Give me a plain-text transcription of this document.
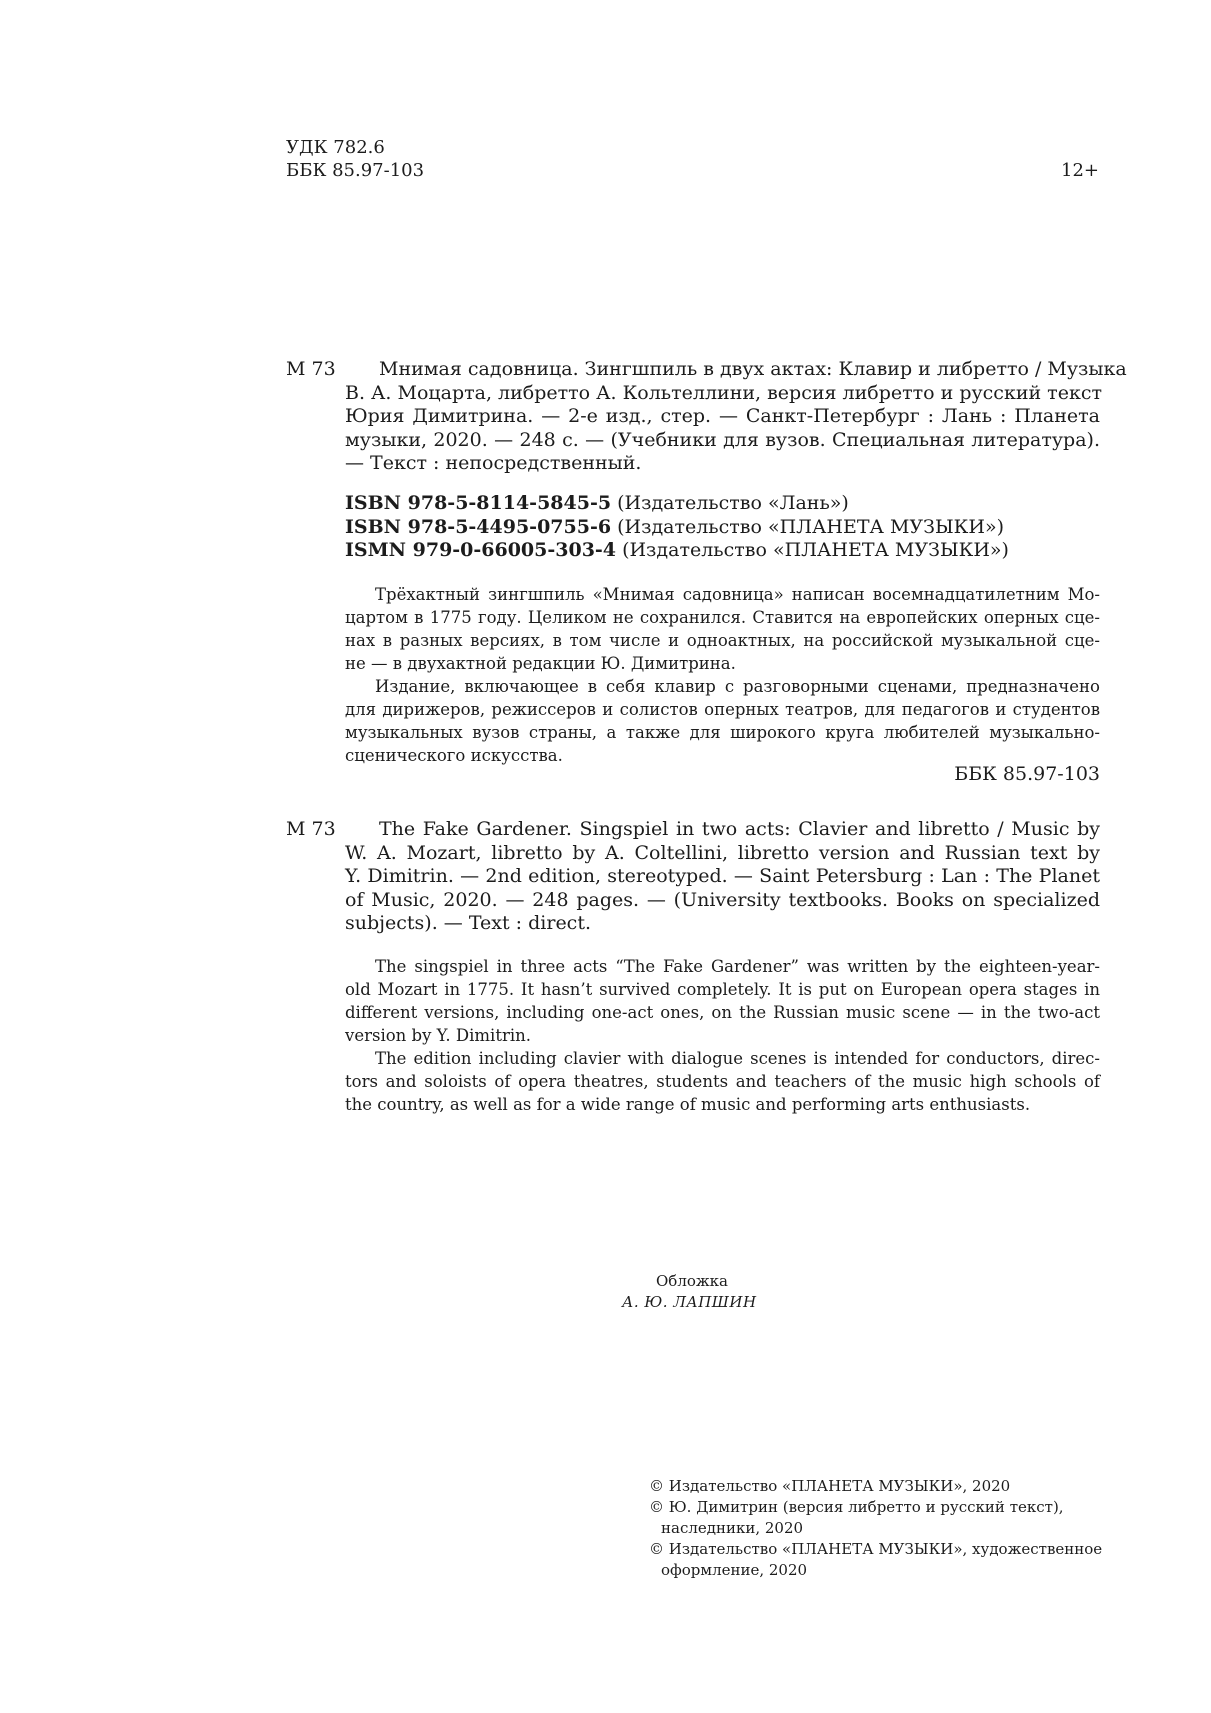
УДК 782.6
ББК 85.97-103	12+
М 73	Мнимая садовница. Зингшпиль в двух актах: Клавир и либретто / Музыка
В. А. Моцарта, либретто А. Кольтеллини, версия либретто и русский текст
Юрия Димитрина. — 2-е изд., стер. — Санкт-Петербург : Лань : Планета
музыки, 2020. — 248 с. — (Учебники для вузов. Специальная литература).
— Текст : непосредственный.
ISBN 978-5-8114-5845-5 (Издательство «Лань»)
ISBN 978-5-4495-0755-6 (Издательство «ПЛАНЕТА МУЗЫКИ»)
ISMN 979-0-66005-303-4 (Издательство «ПЛАНЕТА МУЗЫКИ»)
Трёхактный зингшпиль «Мнимая садовница» написан восемнадцатилетним Мо-
цартом в 1775 году. Целиком не сохранился. Ставится на европейских оперных сце-
нах в разных версиях, в том числе и одноактных, на российской музыкальной сце-
не — в двухактной редакции Ю. Димитрина.
Издание, включающее в себя клавир с разговорными сценами, предназначено
для дирижеров, режиссеров и солистов оперных театров, для педагогов и студентов
музыкальных вузов страны, а также для широкого круга любителей музыкально-
сценического искусства.
ББК 85.97-103
M 73	The Fake Gardener. Singspiel in two acts: Clavier and libretto / Music by
W. A. Mozart, libretto by A. Coltellini, libretto version and Russian text by
Y. Dimitrin. — 2nd edition, stereotyped. — Saint Petersburg : Lan : The Planet
of Music, 2020. — 248 pages. — (University textbooks. Books on specialized
subjects). — Text : direct.
The singspiel in three acts “The Fake Gardener” was written by the eighteen-year-
old Mozart in 1775. It hasn’t survived completely. It is put on European opera stages in
different versions, including one-act ones, on the Russian music scene — in the two-act
version by Y. Dimitrin.
The edition including clavier with dialogue scenes is intended for conductors, direc-
tors and soloists of opera theatres, students and teachers of the music high schools of
the country, as well as for a wide range of music and performing arts enthusiasts.
Обложка
А. Ю. ЛАПШИН
© Издательство «ПЛАНЕТА МУЗЫКИ», 2020
© Ю. Димитрин (версия либретто и русский текст),
наследники, 2020
© Издательство «ПЛАНЕТА МУЗЫКИ», художественное
оформление, 2020
